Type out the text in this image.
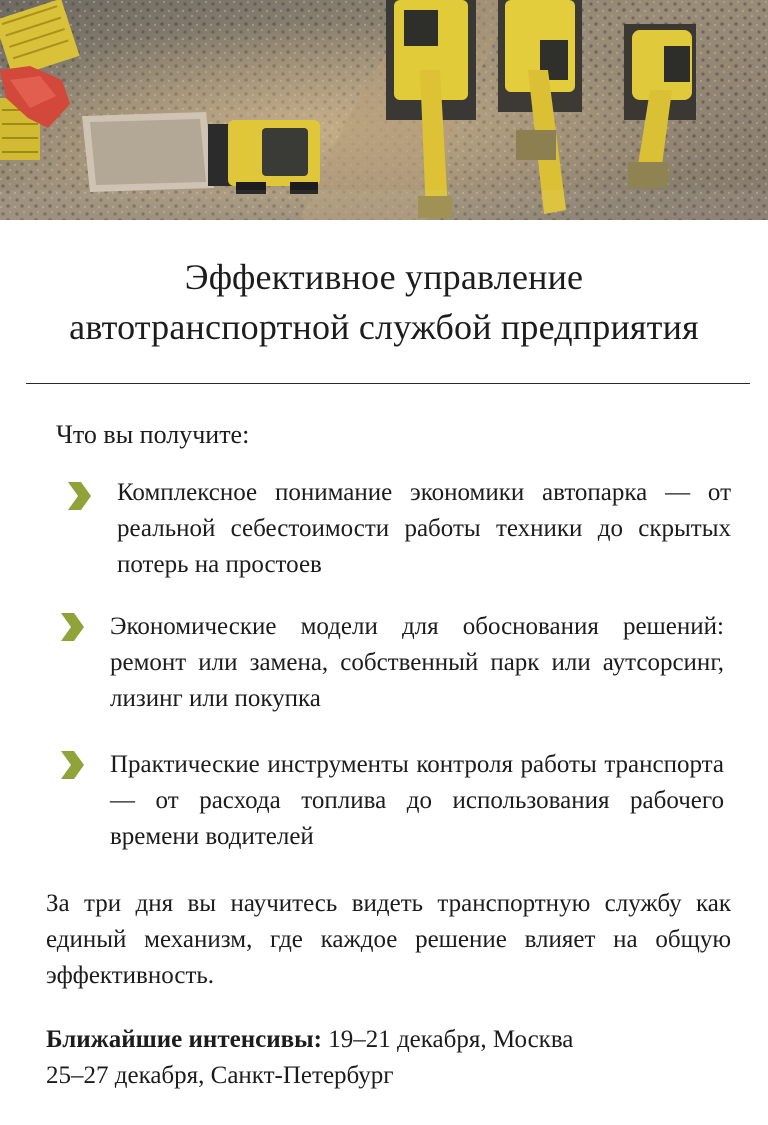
Эффективное управление
автотранспортной службой предприятия
Что вы получите:

Комплексное понимание экономики автопарка — от реальной себестоимости работы техники до скрытых потерь на простоев

Экономические модели для обоснования решений: ремонт или замена, собственный парк или аутсорсинг, лизинг или покупка

Практические инструменты контроля работы транспорта — от расхода топлива до использования рабочего времени водителей

За три дня вы научитесь видеть транспортную службу как единый механизм, где каждое решение влияет на общую эффективность.

Ближайшие интенсивы: 19–21 декабря, Москва
25–27 декабря, Санкт-Петербург
